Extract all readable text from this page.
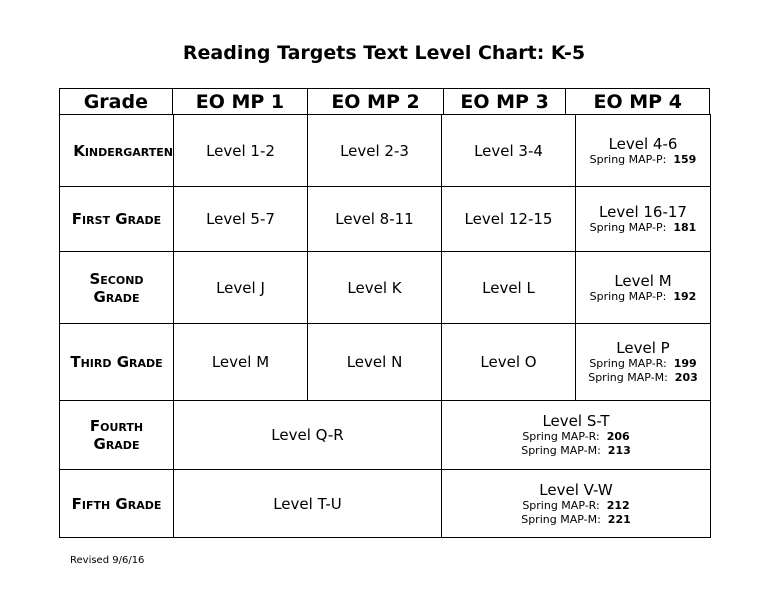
Reading Targets Text Level Chart: K-5
Grade	EO MP 1	EO MP 2	EO MP 3	EO MP 4
Kindergarten	Level 1-2	Level 2-3	Level 3-4	Level 4-6
Spring MAP-P: 159

First Grade	Level 5-7	Level 8-11	Level 12-15	Level 16-17
Spring MAP-P: 181

Second Grade	Level J	Level K	Level L	Level M
Spring MAP-P: 192

Third Grade	Level M	Level N	Level O	Level P
Spring MAP-R: 199
Spring MAP-M: 203

Fourth Grade	Level Q-R		Level S-T
Spring MAP-R: 206
Spring MAP-M: 213	

Fifth Grade	Level T-U		Level V-W
Spring MAP-R: 212
Spring MAP-M: 221	
Revised 9/6/16
